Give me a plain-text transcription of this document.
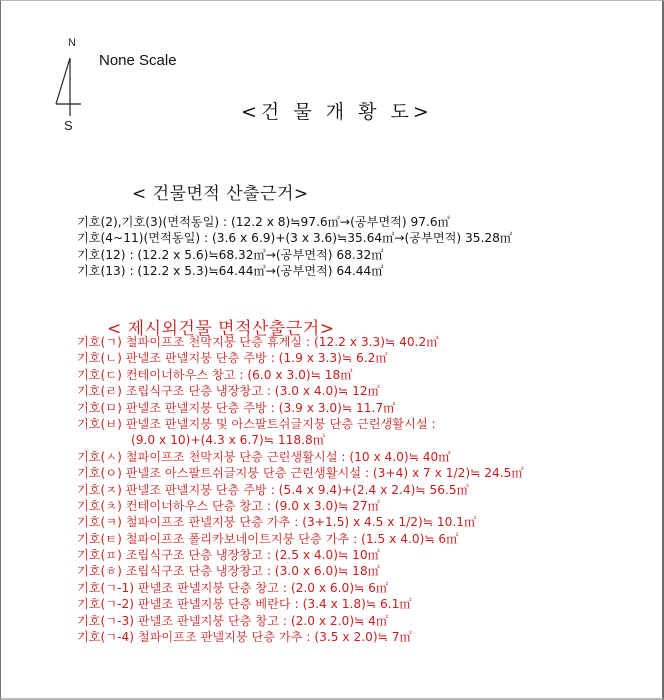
N
S
None Scale
<건 물 개 황 도>
< 건물면적 산출근거>
기호(2),기호(3)(면적동일) : (12.2 x 8)≒97.6㎡→(공부면적) 97.6㎡
기호(4~11)(면적동일) : (3.6 x 6.9)+(3 x 3.6)≒35.64㎡→(공부면적) 35.28㎡
기호(12) : (12.2 x 5.6)≒68.32㎡→(공부면적) 68.32㎡
기호(13) : (12.2 x 5.3)≒64.44㎡→(공부면적) 64.44㎡
< 제시외건물 면적산출근거>
기호(ㄱ) 철파이프조 천막지붕 단층 휴게실 : (12.2 x 3.3)≒ 40.2㎡
기호(ㄴ) 판넬조 판넬지붕 단층 주방 : (1.9 x 3.3)≒ 6.2㎡
기호(ㄷ) 컨테이너하우스 창고 : (6.0 x 3.0)≒ 18㎡
기호(ㄹ) 조립식구조 단층 냉장창고 : (3.0 x 4.0)≒ 12㎡
기호(ㅁ) 판넬조 판넬지붕 단층 주방 : (3.9 x 3.0)≒ 11.7㎡
기호(ㅂ) 판넬조 판넬지붕 및 아스팔트쉬글지붕 단층 근린생활시설 :
(9.0 x 10)+(4.3 x 6.7)≒ 118.8㎡
기호(ㅅ) 철파이프조 천막지붕 단층 근린생활시설 : (10 x 4.0)≒ 40㎡
기호(ㅇ) 판넬조 아스팔트쉬글지붕 단층 근린생활시설 : (3+4) x 7 x 1/2)≒ 24.5㎡
기호(ㅈ) 판넬조 판넬지붕 단층 주방 : (5.4 x 9.4)+(2.4 x 2.4)≒ 56.5㎡
기호(ㅊ) 컨테이너하우스 단층 창고 : (9.0 x 3.0)≒ 27㎡
기호(ㅋ) 철파이프조 판넬지붕 단층 가추 : (3+1.5) x 4.5 x 1/2)≒ 10.1㎡
기호(ㅌ) 철파이프조 폴리카보네이트지붕 단층 가추 : (1.5 x 4.0)≒ 6㎡
기호(ㅍ) 조립식구조 단층 냉장창고 : (2.5 x 4.0)≒ 10㎡
기호(ㅎ) 조립식구조 단층 냉장창고 : (3.0 x 6.0)≒ 18㎡
기호(ㄱ-1) 판넬조 판넬지붕 단층 창고 : (2.0 x 6.0)≒ 6㎡
기호(ㄱ-2) 판넬조 판넬지붕 단층 베란다 : (3.4 x 1.8)≒ 6.1㎡
기호(ㄱ-3) 판넬조 판넬지붕 단층 창고 : (2.0 x 2.0)≒ 4㎡
기호(ㄱ-4) 철파이프조 판넬지붕 단층 가추 : (3.5 x 2.0)≒ 7㎡
